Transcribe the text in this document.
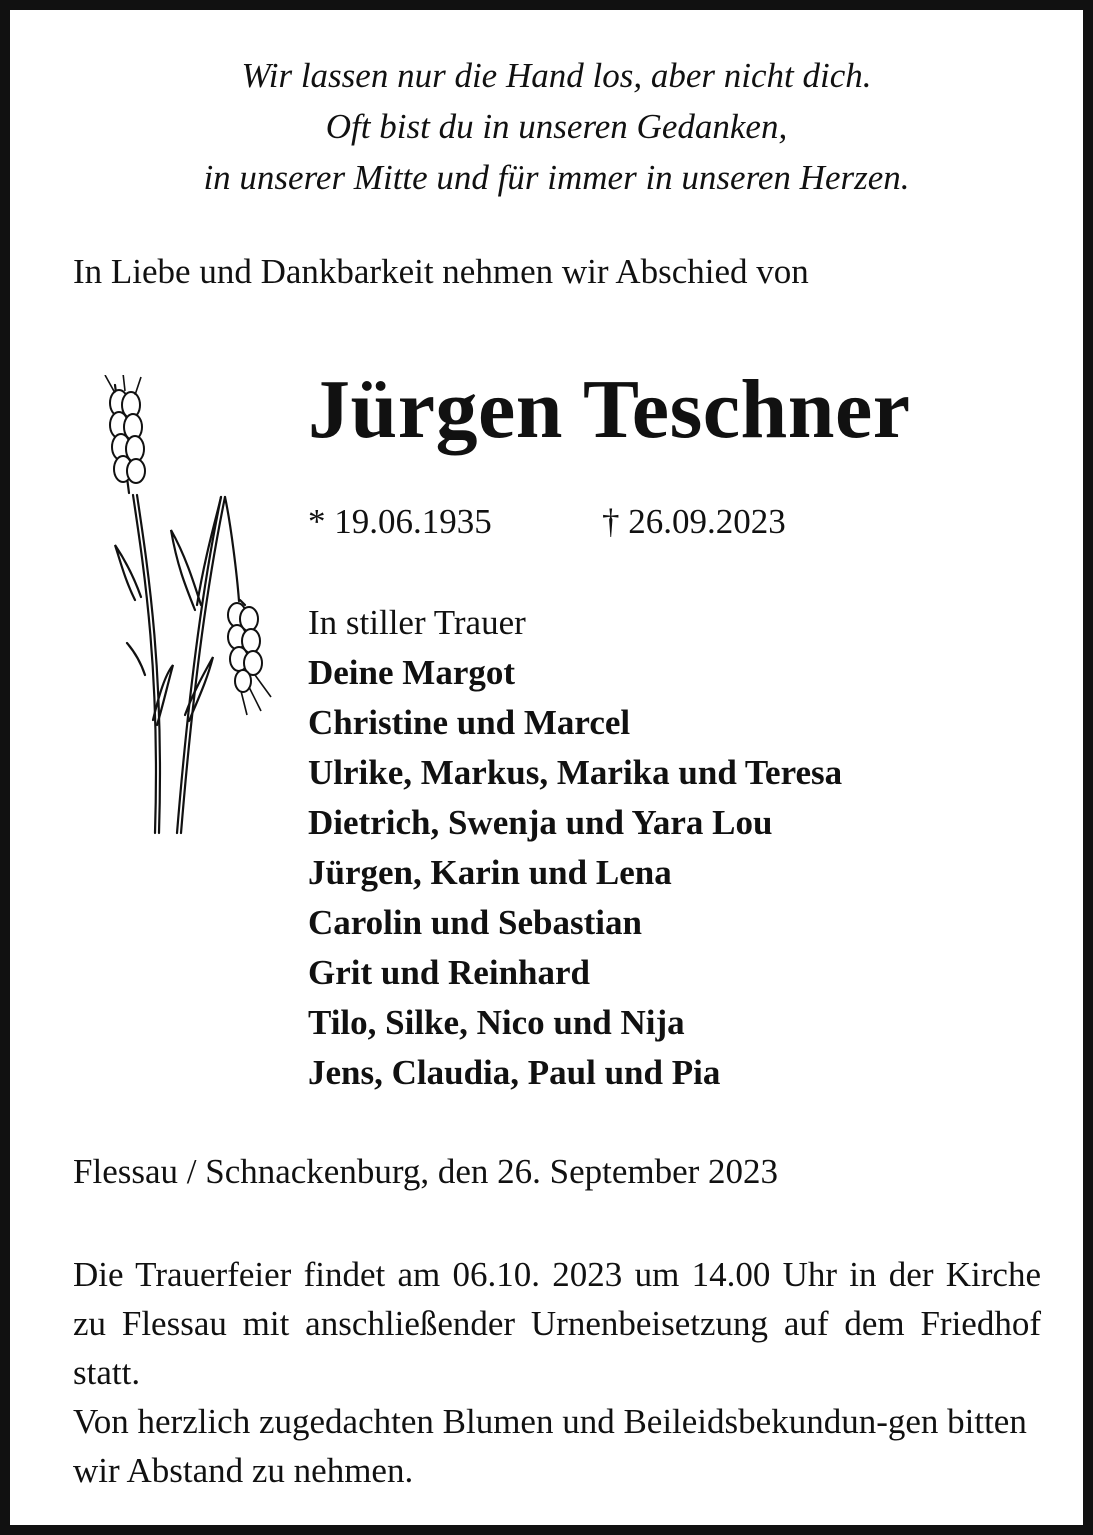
Wir lassen nur die Hand los, aber nicht dich.
Oft bist du in unseren Gedanken,
in unserer Mitte und für immer in unseren Herzen.
In Liebe und Dankbarkeit nehmen wir Abschied von
Jürgen Teschner
* 19.06.1935	† 26.09.2023
In stiller Trauer
Deine Margot
Christine und Marcel
Ulrike, Markus, Marika und Teresa
Dietrich, Swenja und Yara Lou
Jürgen, Karin und Lena
Carolin und Sebastian
Grit und Reinhard
Tilo, Silke, Nico und Nija
Jens, Claudia, Paul und Pia
Flessau / Schnackenburg, den 26. September 2023

Die Trauerfeier findet am 06.10. 2023 um 14.00 Uhr in der Kirche zu Flessau mit anschließender Urnenbeisetzung auf dem Friedhof statt.

Von herzlich zugedachten Blumen und Beileidsbekundun-gen bitten wir Abstand zu nehmen.
